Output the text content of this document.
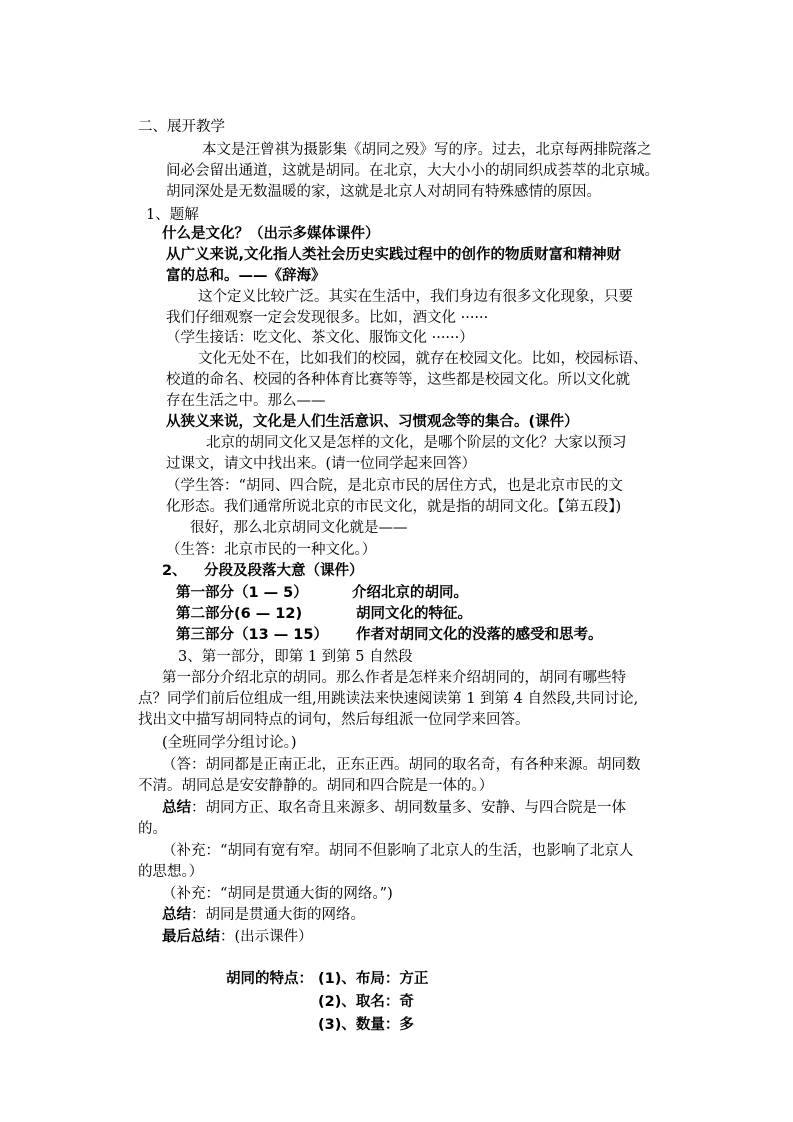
二、展开教学
本文是汪曾祺为摄影集《胡同之殁》写的序。过去，北京每两排院落之
间必会留出通道，这就是胡同。在北京，大大小小的胡同织成荟萃的北京城。
胡同深处是无数温暖的家，这就是北京人对胡同有特殊感情的原因。
1、题解
什么是文化？（出示多媒体课件）
从广义来说,文化指人类社会历史实践过程中的创作的物质财富和精神财
富的总和。——《辞海》
这个定义比较广泛。其实在生活中，我们身边有很多文化现象，只要
我们仔细观察一定会发现很多。比如，酒文化 ······
（学生接话：吃文化、茶文化、服饰文化 ······）
文化无处不在，比如我们的校园，就存在校园文化。比如，校园标语、
校道的命名、校园的各种体育比赛等等，这些都是校园文化。所以文化就
存在生活之中。那么——
从狭义来说，文化是人们生活意识、习惯观念等的集合。(课件）
北京的胡同文化又是怎样的文化，是哪个阶层的文化？大家以预习
过课文，请文中找出来。(请一位同学起来回答）
（学生答：“胡同、四合院，是北京市民的居住方式，也是北京市民的文
化形态。我们通常所说北京的市民文化，就是指的胡同文化。【第五段】)
很好，那么北京胡同文化就是——
（生答：北京市民的一种文化。）
2、 分段及段落大意（课件）
第一部分（1 — 5）	介绍北京的胡同。
第二部分(6 — 12)	胡同文化的特征。
第三部分（13 — 15） 作者对胡同文化的没落的感受和思考。
3、第一部分，即第 1 到第 5 自然段
第一部分介绍北京的胡同。那么作者是怎样来介绍胡同的，胡同有哪些特
点？同学们前后位组成一组,用跳读法来快速阅读第 1 到第 4 自然段,共同讨论,
找出文中描写胡同特点的词句，然后每组派一位同学来回答。
(全班同学分组讨论。)
（答：胡同都是正南正北，正东正西。胡同的取名奇，有各种来源。胡同数
不清。胡同总是安安静静的。胡同和四合院是一体的。）
总结：胡同方正、取名奇且来源多、胡同数量多、安静、与四合院是一体
的。
（补充：“胡同有宽有窄。胡同不但影响了北京人的生活，也影响了北京人
的思想。）
（补充：“胡同是贯通大街的网络。”)
总结：胡同是贯通大街的网络。
最后总结：(出示课件）
胡同的特点： (1)、布局：方正
(2)、取名：奇
(3)、数量：多
